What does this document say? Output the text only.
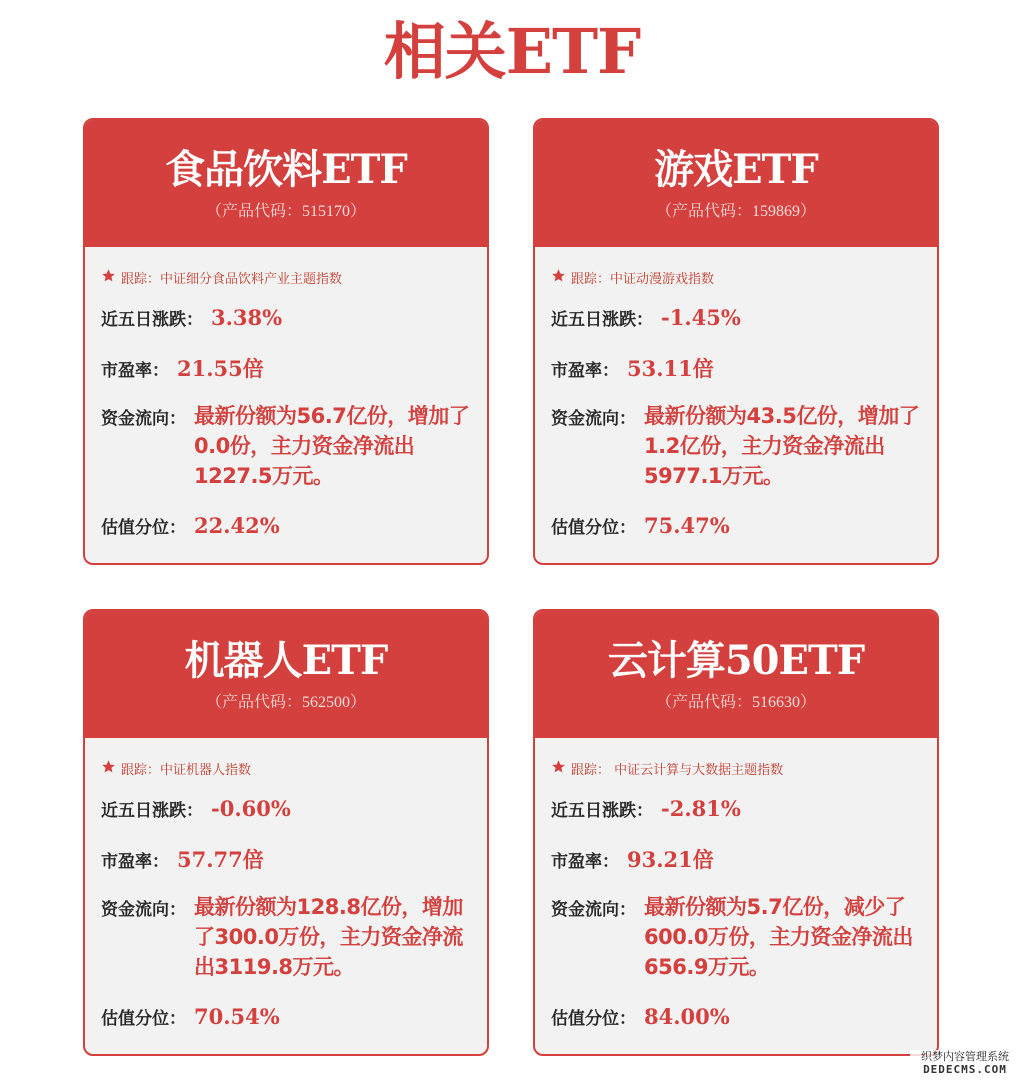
相关ETF
食品饮料ETF
（产品代码：515170）
跟踪： 中证细分食品饮料产业主题指数
近五日涨跌： 3.38%
市盈率： 21.55倍
资金流向： 最新份额为56.7亿份，增加了0.0份，主力资金净流出1227.5万元。
估值分位： 22.42%
游戏ETF
（产品代码：159869）
跟踪： 中证动漫游戏指数
近五日涨跌： -1.45%
市盈率： 53.11倍
资金流向： 最新份额为43.5亿份，增加了1.2亿份，主力资金净流出5977.1万元。
估值分位： 75.47%
机器人ETF
（产品代码：562500）
跟踪： 中证机器人指数
近五日涨跌： -0.60%
市盈率： 57.77倍
资金流向： 最新份额为128.8亿份，增加了300.0万份，主力资金净流出3119.8万元。
估值分位： 70.54%
云计算50ETF
（产品代码：516630）
跟踪： 中证云计算与大数据主题指数
近五日涨跌： -2.81%
市盈率： 93.21倍
资金流向： 最新份额为5.7亿份，减少了600.0万份，主力资金净流出656.9万元。
估值分位： 84.00%
织梦内容管理系统
DEDECMS.COM
